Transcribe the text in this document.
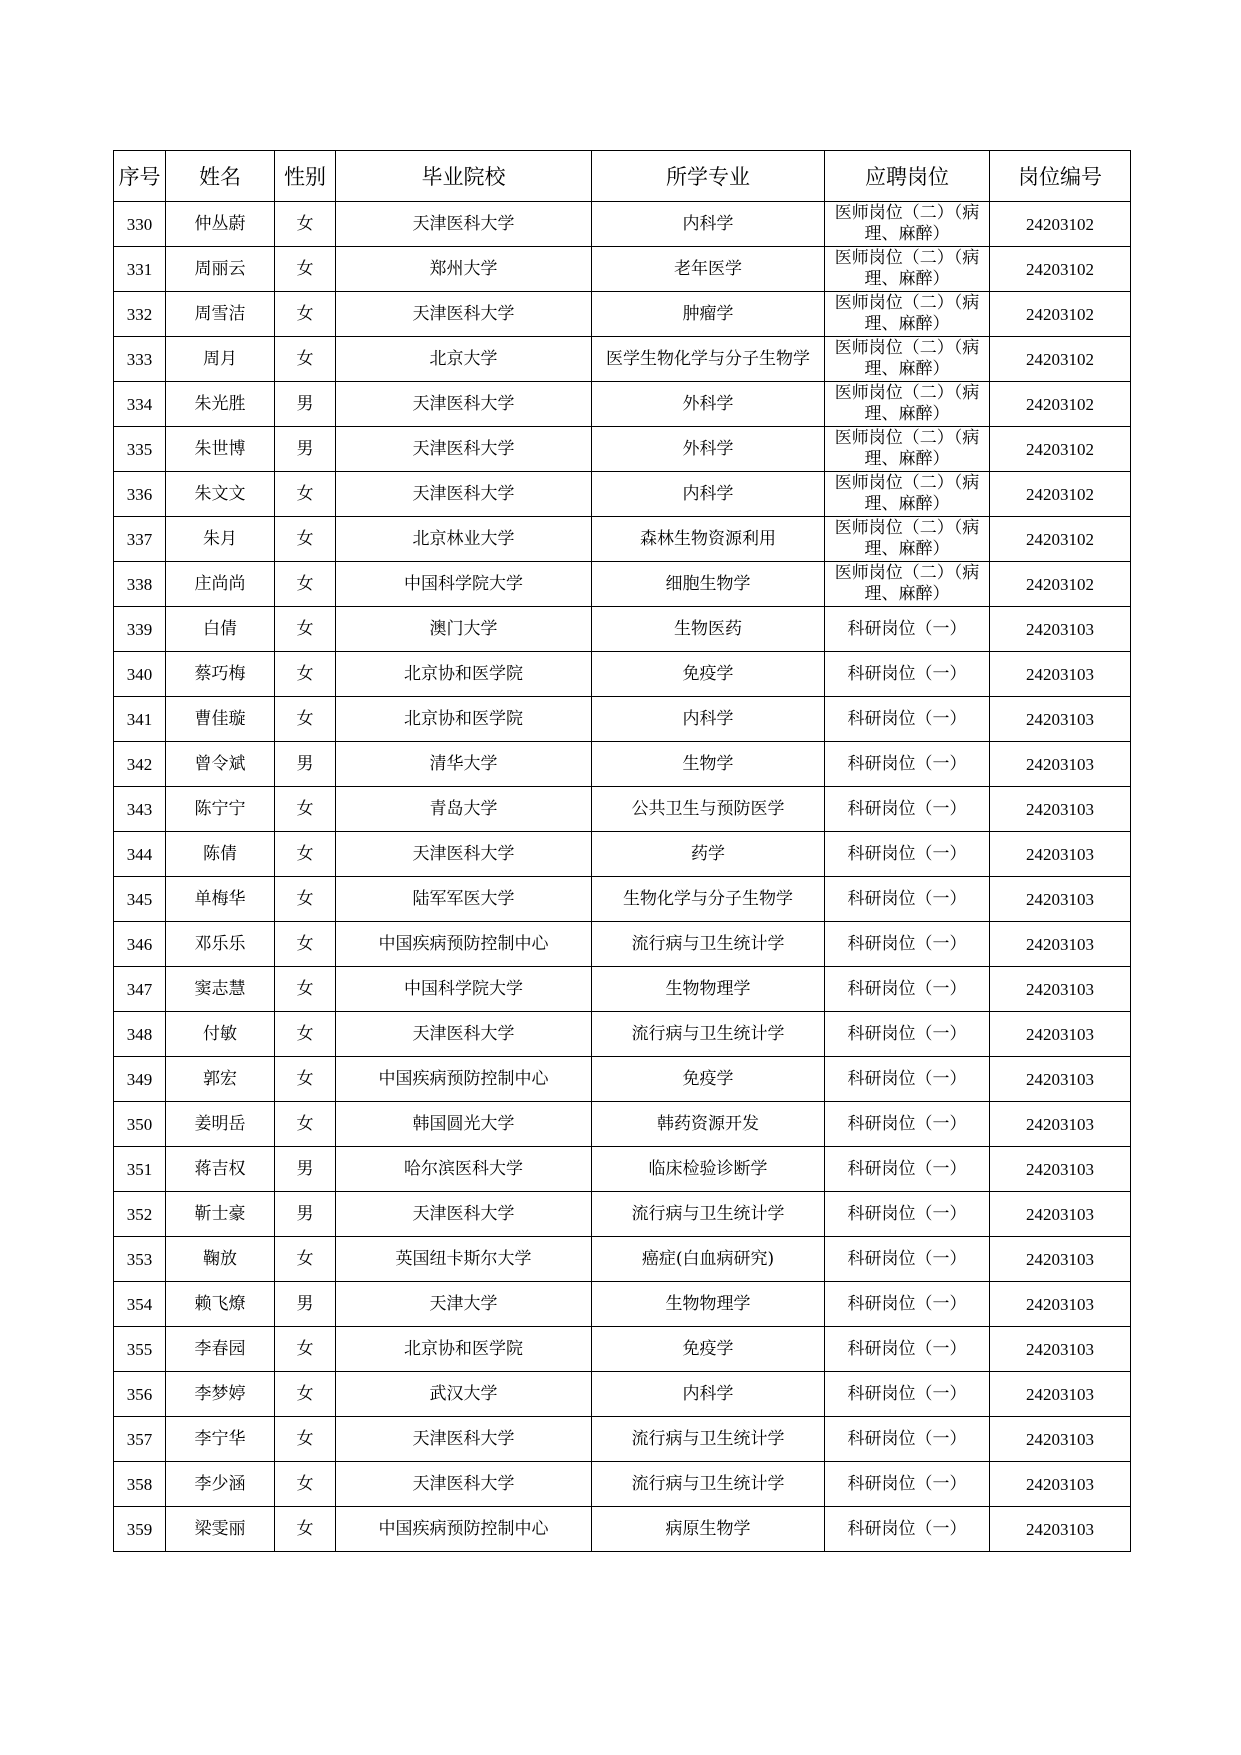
序号	姓名	性别	毕业院校	所学专业	应聘岗位	岗位编号
330	仲丛蔚	女	天津医科大学	内科学	医师岗位（二）（病理、麻醉）	24203102
331	周丽云	女	郑州大学	老年医学	医师岗位（二）（病理、麻醉）	24203102
332	周雪洁	女	天津医科大学	肿瘤学	医师岗位（二）（病理、麻醉）	24203102
333	周月	女	北京大学	医学生物化学与分子生物学	医师岗位（二）（病理、麻醉）	24203102
334	朱光胜	男	天津医科大学	外科学	医师岗位（二）（病理、麻醉）	24203102
335	朱世博	男	天津医科大学	外科学	医师岗位（二）（病理、麻醉）	24203102
336	朱文文	女	天津医科大学	内科学	医师岗位（二）（病理、麻醉）	24203102
337	朱月	女	北京林业大学	森林生物资源利用	医师岗位（二）（病理、麻醉）	24203102
338	庄尚尚	女	中国科学院大学	细胞生物学	医师岗位（二）（病理、麻醉）	24203102
339	白倩	女	澳门大学	生物医药	科研岗位（一）	24203103
340	蔡巧梅	女	北京协和医学院	免疫学	科研岗位（一）	24203103
341	曹佳璇	女	北京协和医学院	内科学	科研岗位（一）	24203103
342	曾令斌	男	清华大学	生物学	科研岗位（一）	24203103
343	陈宁宁	女	青岛大学	公共卫生与预防医学	科研岗位（一）	24203103
344	陈倩	女	天津医科大学	药学	科研岗位（一）	24203103
345	单梅华	女	陆军军医大学	生物化学与分子生物学	科研岗位（一）	24203103
346	邓乐乐	女	中国疾病预防控制中心	流行病与卫生统计学	科研岗位（一）	24203103
347	窦志慧	女	中国科学院大学	生物物理学	科研岗位（一）	24203103
348	付敏	女	天津医科大学	流行病与卫生统计学	科研岗位（一）	24203103
349	郭宏	女	中国疾病预防控制中心	免疫学	科研岗位（一）	24203103
350	姜明岳	女	韩国圆光大学	韩药资源开发	科研岗位（一）	24203103
351	蒋吉权	男	哈尔滨医科大学	临床检验诊断学	科研岗位（一）	24203103
352	靳士豪	男	天津医科大学	流行病与卫生统计学	科研岗位（一）	24203103
353	鞠放	女	英国纽卡斯尔大学	癌症(白血病研究)	科研岗位（一）	24203103
354	赖飞燎	男	天津大学	生物物理学	科研岗位（一）	24203103
355	李春园	女	北京协和医学院	免疫学	科研岗位（一）	24203103
356	李梦婷	女	武汉大学	内科学	科研岗位（一）	24203103
357	李宁华	女	天津医科大学	流行病与卫生统计学	科研岗位（一）	24203103
358	李少涵	女	天津医科大学	流行病与卫生统计学	科研岗位（一）	24203103
359	梁雯丽	女	中国疾病预防控制中心	病原生物学	科研岗位（一）	24203103
